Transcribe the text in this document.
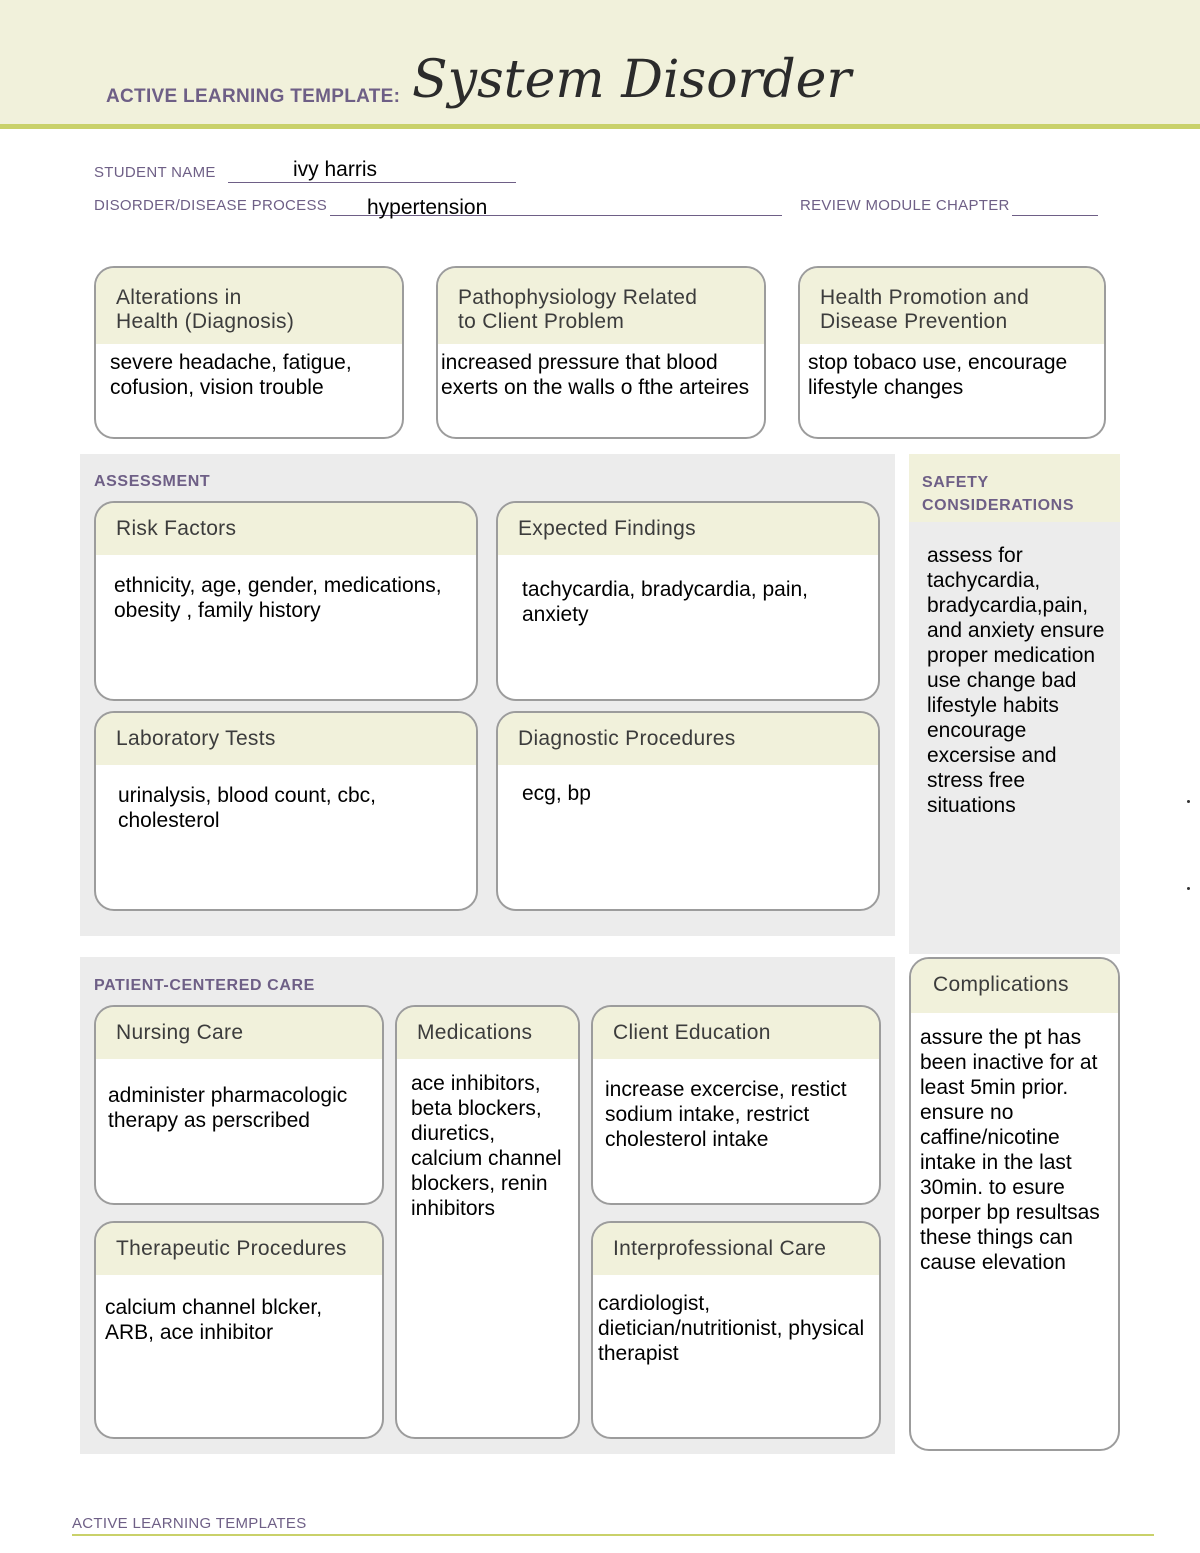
ACTIVE LEARNING TEMPLATE: System Disorder
STUDENT NAME	ivy harris
DISORDER/DISEASE PROCESS hypertension	REVIEW MODULE CHAPTER
Alterations in
Health (Diagnosis)
severe headache, fatigue, cofusion, vision trouble
Pathophysiology Related
to Client Problem
increased pressure that blood exerts on the walls o fthe arteires
Health Promotion and
Disease Prevention
stop tobaco use, encourage lifestyle changes
ASSESSMENT
Risk Factors
ethnicity, age, gender, medications, obesity , family history
Expected Findings
tachycardia, bradycardia, pain, anxiety
Laboratory Tests
urinalysis, blood count, cbc, cholesterol
Diagnostic Procedures
ecg, bp
SAFETY
CONSIDERATIONS
assess for tachycardia, bradycardia,pain, and anxiety ensure proper medication use change bad lifestyle habits encourage excersise and stress free situations
PATIENT-CENTERED CARE
Nursing Care
administer pharmacologic therapy as perscribed
Medications
ace inhibitors, beta blockers, diuretics, calcium channel blockers, renin inhibitors
Client Education
increase excercise, restict sodium intake, restrict cholesterol intake
Therapeutic Procedures
calcium channel blcker, ARB, ace inhibitor
Interprofessional Care
cardiologist, dietician/nutritionist, physical therapist
Complications
assure the pt has been inactive for at least 5min prior. ensure no caffine/nicotine intake in the last 30min. to esure porper bp resultsas these things can cause elevation
ACTIVE LEARNING TEMPLATES
